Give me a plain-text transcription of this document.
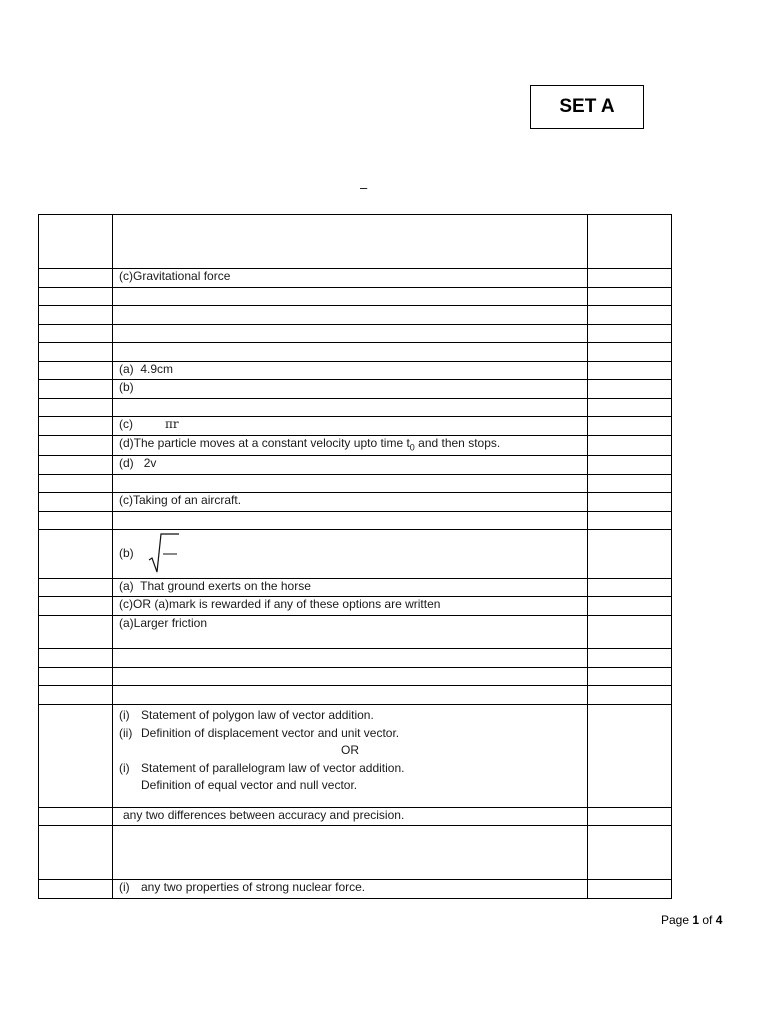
SET A
–

	(c)Gravitational force	

	(a) 4.9cm	
	(b)	

	(c) πr	
	(d)The particle moves at a constant velocity upto time $t_0$ and then stops.	
	(d) 2v	

	(c)Taking of an aircraft.	

	(b)	
	(a) That ground exerts on the horse	
	(c)OR (a)mark is rewarded if any of these options are written	
	(a)Larger friction	

	(i) Statement of polygon law of vector addition.
(ii) Definition of displacement vector and unit vector.
OR
(i) Statement of parallelogram law of vector addition.
Definition of equal vector and null vector.	

	any two differences between accuracy and precision.	

	(i) any two properties of strong nuclear force.	
Page 1 of 4
